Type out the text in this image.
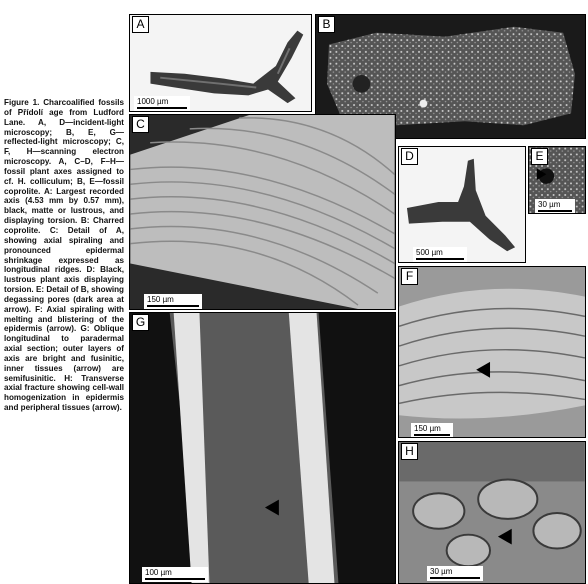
Figure 1. Charcoalified fossils of Přídolí age from Ludford Lane. A, D—incident-light microscopy; B, E, G—reflected-light microscopy; C, F, H—scanning electron microscopy. A, C–D, F–H—fossil plant axes assigned to cf. H. colliculum; B, E—fossil coprolite. A: Largest recorded axis (4.53 mm by 0.57 mm), black, matte or lustrous, and displaying torsion. B: Charred coprolite. C: Detail of A, showing axial spiraling and pronounced epidermal shrinkage expressed as longitudinal ridges. D: Black, lustrous plant axis displaying torsion. E: Detail of B, showing degassing pores (dark area at arrow). F: Axial spiraling with melting and blistering of the epidermis (arrow). G: Oblique longitudinal to paradermal axial section; outer layers of axis are bright and fusinitic, inner tissues (arrow) are semifusinitic. H: Transverse axial fracture showing cell-wall homogenization in epidermis and peripheral tissues (arrow).
A
1000 µm
B
C
150 µm
D
500 µm
E
30 µm
F
150 µm
G
100 µm
H
30 µm
